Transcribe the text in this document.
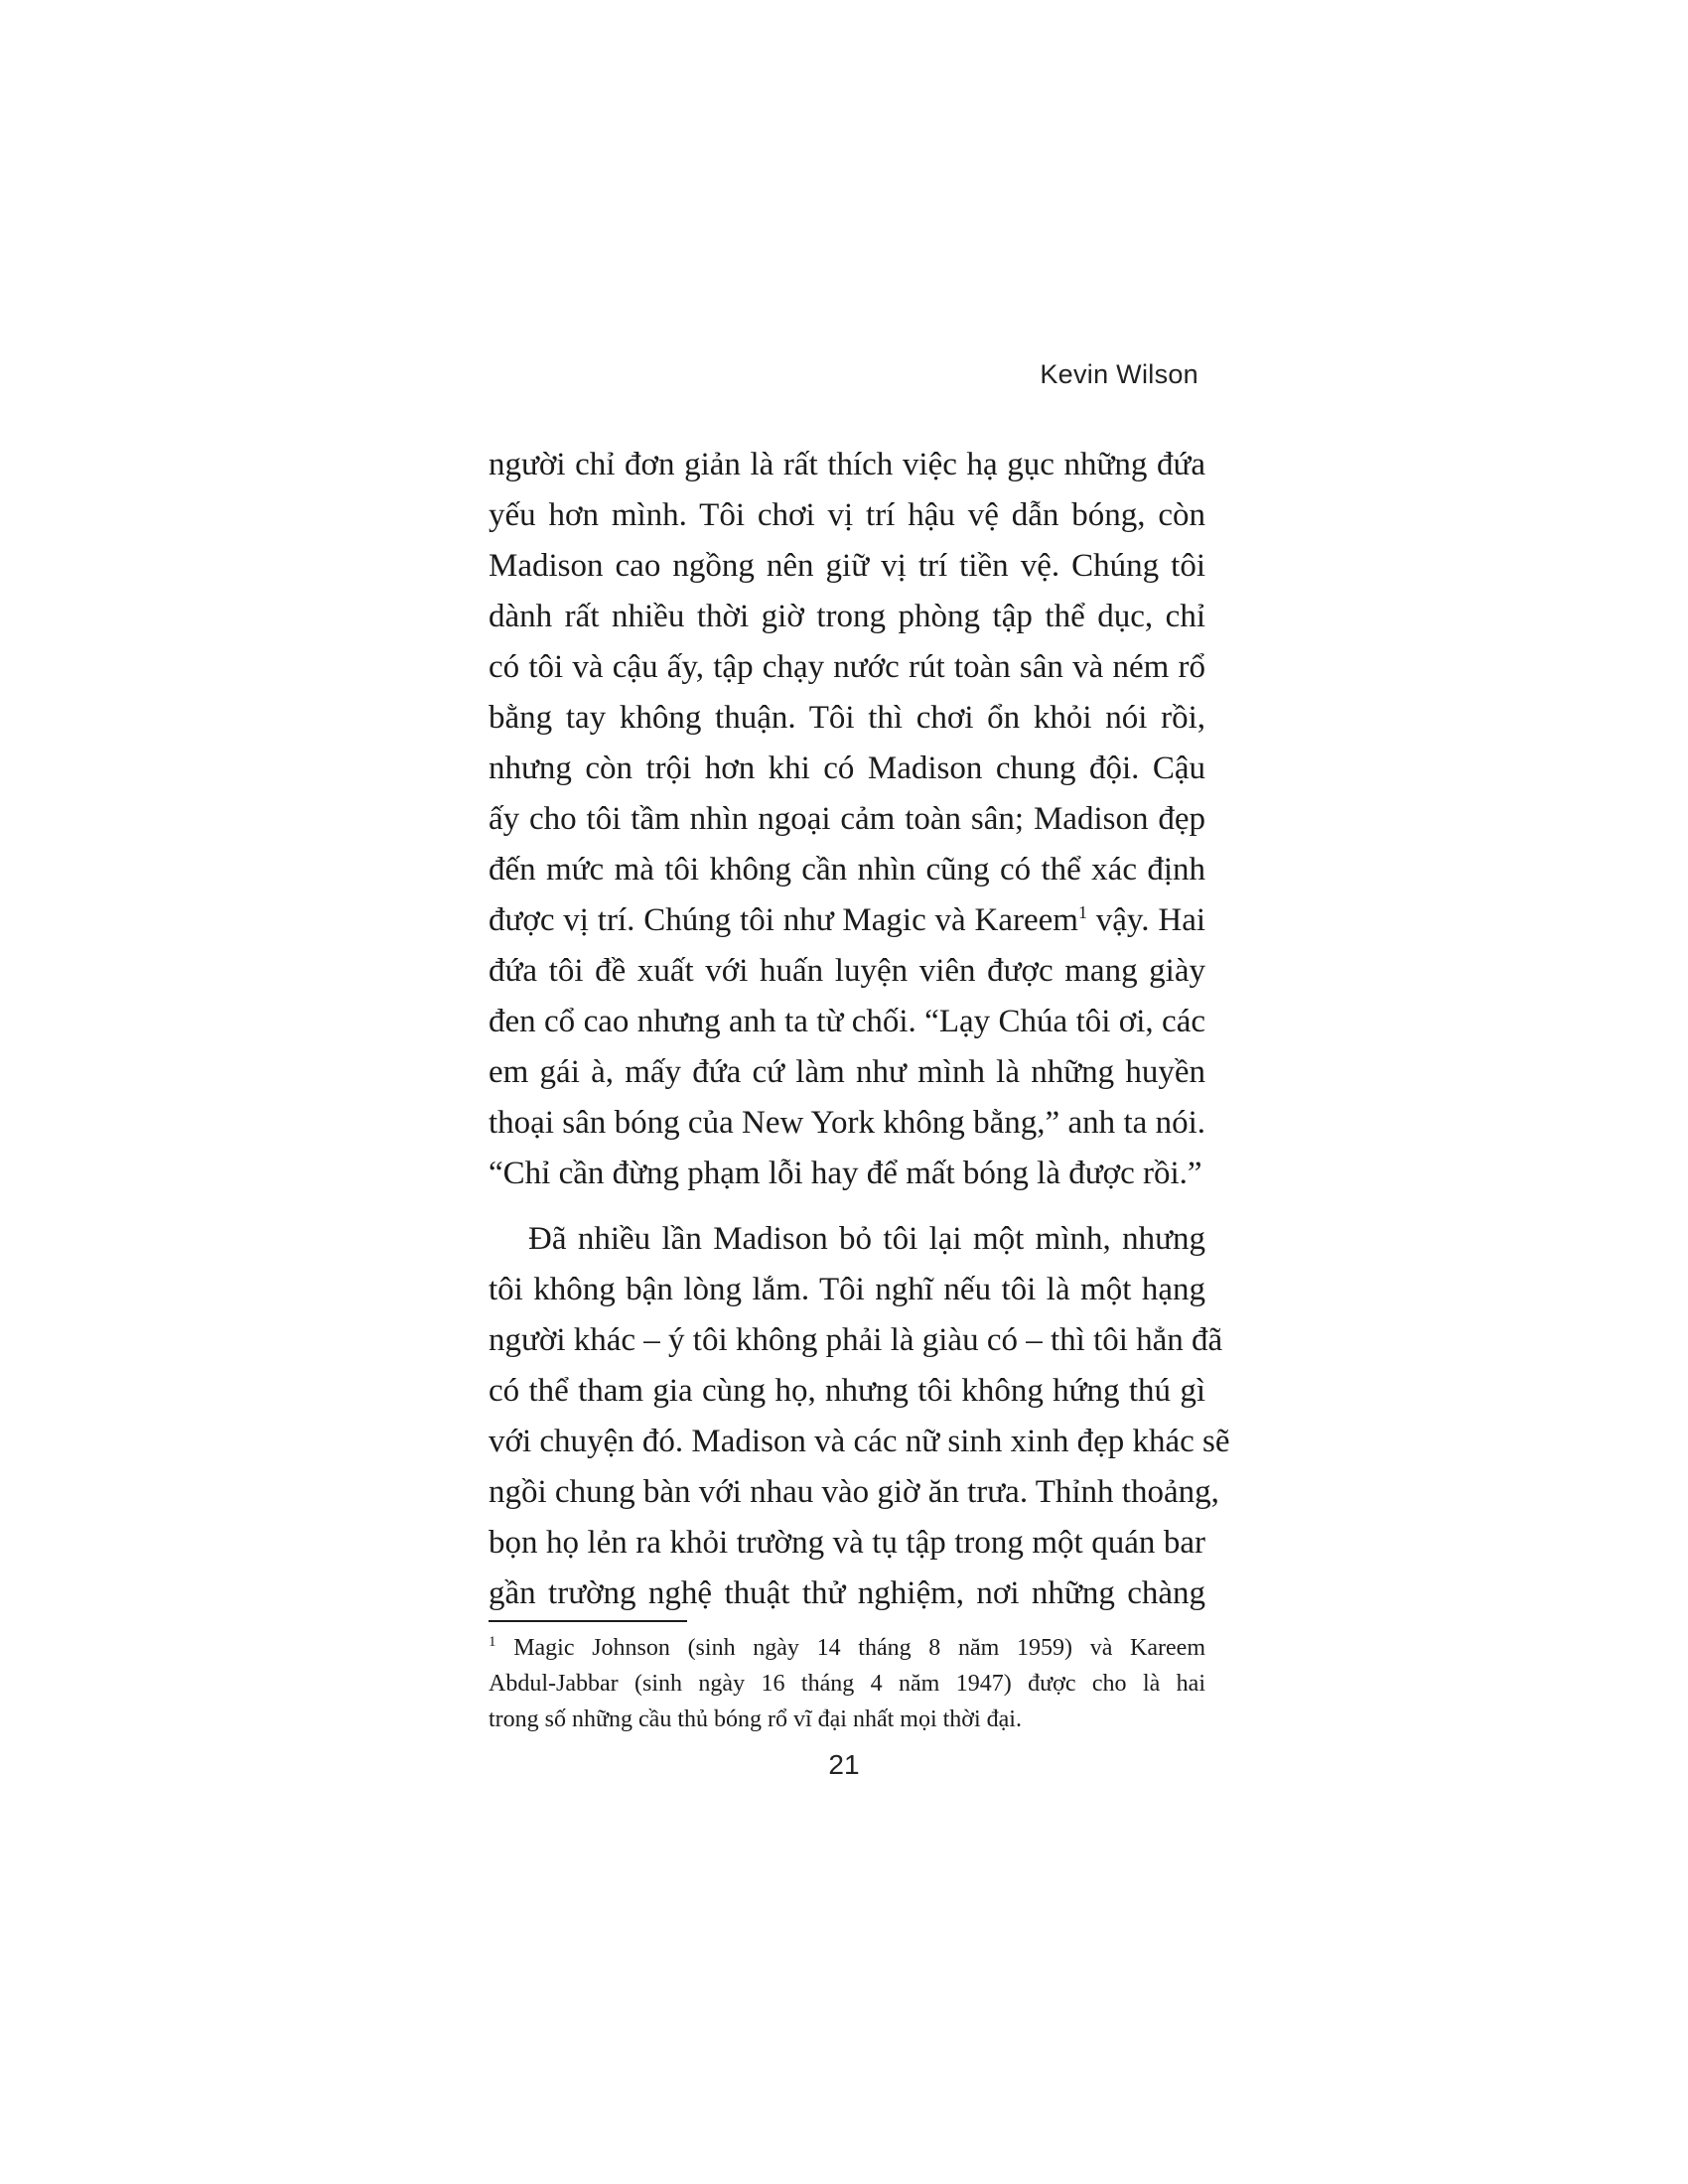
Kevin Wilson
người chỉ đơn giản là rất thích việc hạ gục những đứa
yếu hơn mình. Tôi chơi vị trí hậu vệ dẫn bóng, còn
Madison cao ngồng nên giữ vị trí tiền vệ. Chúng tôi
dành rất nhiều thời giờ trong phòng tập thể dục, chỉ
có tôi và cậu ấy, tập chạy nước rút toàn sân và ném rổ
bằng tay không thuận. Tôi thì chơi ổn khỏi nói rồi,
nhưng còn trội hơn khi có Madison chung đội. Cậu
ấy cho tôi tầm nhìn ngoại cảm toàn sân; Madison đẹp
đến mức mà tôi không cần nhìn cũng có thể xác định
được vị trí. Chúng tôi như Magic và Kareem$^1$ vậy. Hai
đứa tôi đề xuất với huấn luyện viên được mang giày
đen cổ cao nhưng anh ta từ chối. “Lạy Chúa tôi ơi, các
em gái à, mấy đứa cứ làm như mình là những huyền
thoại sân bóng của New York không bằng,” anh ta nói.
“Chỉ cần đừng phạm lỗi hay để mất bóng là được rồi.”
Đã nhiều lần Madison bỏ tôi lại một mình, nhưng
tôi không bận lòng lắm. Tôi nghĩ nếu tôi là một hạng
người khác – ý tôi không phải là giàu có – thì tôi hẳn đã
có thể tham gia cùng họ, nhưng tôi không hứng thú gì
với chuyện đó. Madison và các nữ sinh xinh đẹp khác sẽ
ngồi chung bàn với nhau vào giờ ăn trưa. Thỉnh thoảng,
bọn họ lẻn ra khỏi trường và tụ tập trong một quán bar
gần trường nghệ thuật thử nghiệm, nơi những chàng
$^1$ Magic Johnson (sinh ngày 14 tháng 8 năm 1959) và Kareem
Abdul-Jabbar (sinh ngày 16 tháng 4 năm 1947) được cho là hai
trong số những cầu thủ bóng rổ vĩ đại nhất mọi thời đại.
21
